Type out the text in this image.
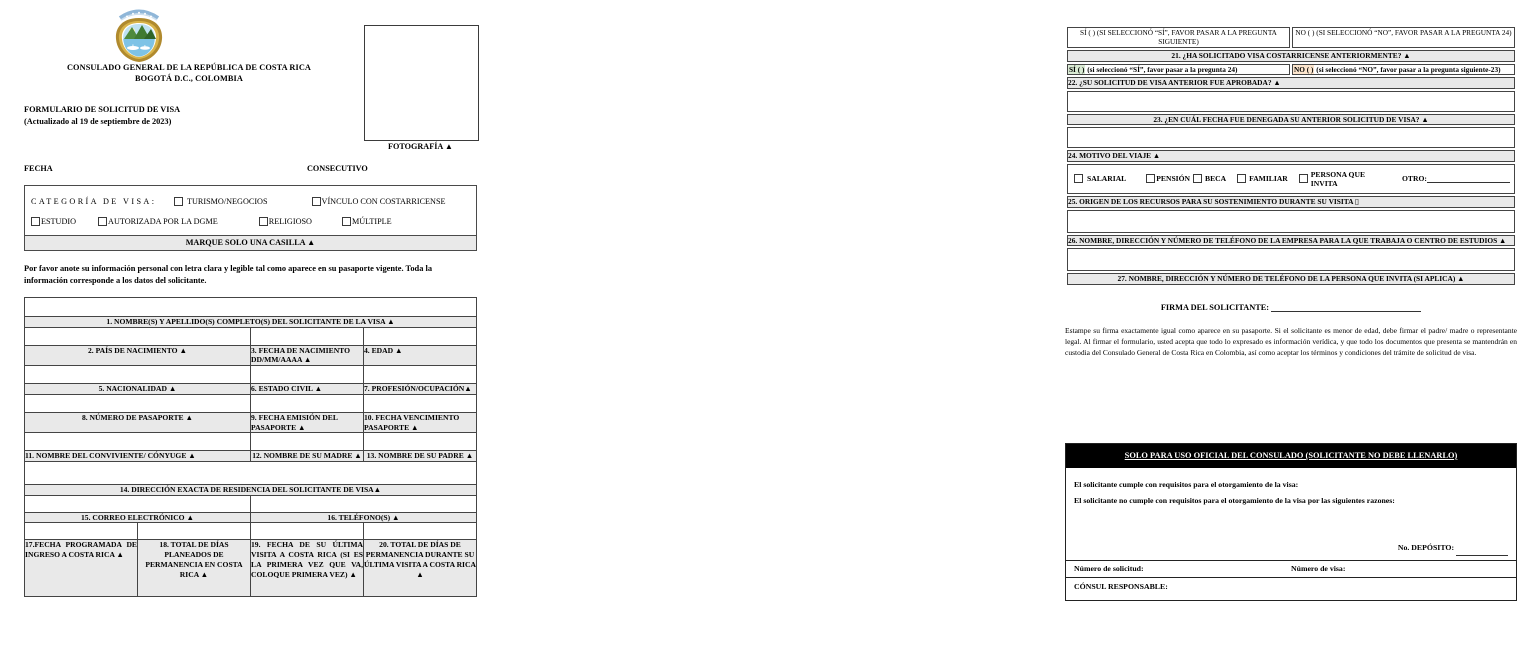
CONSULADO GENERAL DE LA REPÚBLICA DE COSTA RICA
BOGOTÁ D.C., COLOMBIA
FORMULARIO DE SOLICITUD DE VISA
(Actualizado al 19 de septiembre de 2023)
FOTOGRAFÍA ▲
FECHA	CONSECUTIVO
CATEGORÍA DE VISA:	TURISMO/NEGOCIOS	VÍNCULO CON COSTARRICENSE
ESTUDIO	AUTORIZADA POR LA DGME	RELIGIOSO	MÚLTIPLE
MARQUE SOLO UNA CASILLA ▲
Por favor anote su información personal con letra clara y legible tal como aparece en su pasaporte vigente. Toda la información corresponde a los datos del solicitante.

1. NOMBRE(S) Y APELLIDO(S) COMPLETO(S) DEL SOLICITANTE DE LA VISA ▲			

2. PAÍS DE NACIMIENTO ▲		3. FECHA DE NACIMIENTO DD/MM/AAAA ▲	4. EDAD ▲

5. NACIONALIDAD ▲		6. ESTADO CIVIL ▲	7. PROFESIÓN/OCUPACIÓN▲

8. NÚMERO DE PASAPORTE ▲		9. FECHA EMISIÓN DEL PASAPORTE ▲	10. FECHA VENCIMIENTO PASAPORTE ▲

11. NOMBRE DEL CONVIVIENTE/ CÓNYUGE ▲		12. NOMBRE DE SU MADRE ▲	13. NOMBRE DE SU PADRE ▲

14. DIRECCIÓN EXACTA DE RESIDENCIA DEL SOLICITANTE DE VISA▲			

15. CORREO ELECTRÓNICO ▲		16. TELÉFONO(S) ▲	

17.FECHA PROGRAMADA DE INGRESO A COSTA RICA ▲	18. TOTAL DE DÍAS PLANEADOS DE PERMANENCIA EN COSTA RICA ▲	19. FECHA DE SU ÚLTIMA VISITA A COSTA RICA (SI ES LA PRIMERA VEZ QUE VA, COLOQUE PRIMERA VEZ) ▲	20. TOTAL DE DÍAS DE PERMANENCIA DURANTE SU ÚLTIMA VISITA A COSTA RICA ▲
SÍ ( ) (SI SELECCIONÓ “SÍ”, FAVOR PASAR A LA PREGUNTA SIGUIENTE)	NO ( ) (SI SELECCIONÓ “NO”, FAVOR PASAR A LA PREGUNTA 24)
21. ¿HA SOLICITADO VISA COSTARRICENSE ANTERIORMENTE? ▲	
SÍ ( ) (si seleccionó “SÍ”, favor pasar a la pregunta 24)	NO ( ) (si seleccionó “NO”, favor pasar a la pregunta siguiente-23)
22. ¿SU SOLICITUD DE VISA ANTERIOR FUE APROBADA? ▲	

23. ¿EN CUÁL FECHA FUE DENEGADA SU ANTERIOR SOLICITUD DE VISA? ▲	

24. MOTIVO DEL VIAJE ▲	

SALARIAL	PENSIÓN BECA	FAMILIAR	PERSONA QUE INVITA	OTRO:

25. ORIGEN DE LOS RECURSOS PARA SU SOSTENIMIENTO DURANTE SU VISITA ▯	

26. NOMBRE, DIRECCIÓN Y NÚMERO DE TELÉFONO DE LA EMPRESA PARA LA QUE TRABAJA O CENTRO DE ESTUDIOS ▲	

27. NOMBRE, DIRECCIÓN Y NÚMERO DE TELÉFONO DE LA PERSONA QUE INVITA (SI APLICA) ▲	
FIRMA DEL SOLICITANTE:
Estampe su firma exactamente igual como aparece en su pasaporte. Si el solicitante es menor de edad, debe firmar el padre/ madre o representante legal. Al firmar el formulario, usted acepta que todo lo expresado es información verídica, y que todo los documentos que presenta se mantendrán en custodia del Consulado General de Costa Rica en Colombia, así como aceptar los términos y condiciones del trámite de solicitud de visa.
SOLO PARA USO OFICIAL DEL CONSULADO (SOLICITANTE NO DEBE LLENARLO)
El solicitante cumple con requisitos para el otorgamiento de la visa:
El solicitante no cumple con requisitos para el otorgamiento de la visa por las siguientes razones:
No. DEPÓSITO:
Número de solicitud:	Número de visa:
CÓNSUL RESPONSABLE:
